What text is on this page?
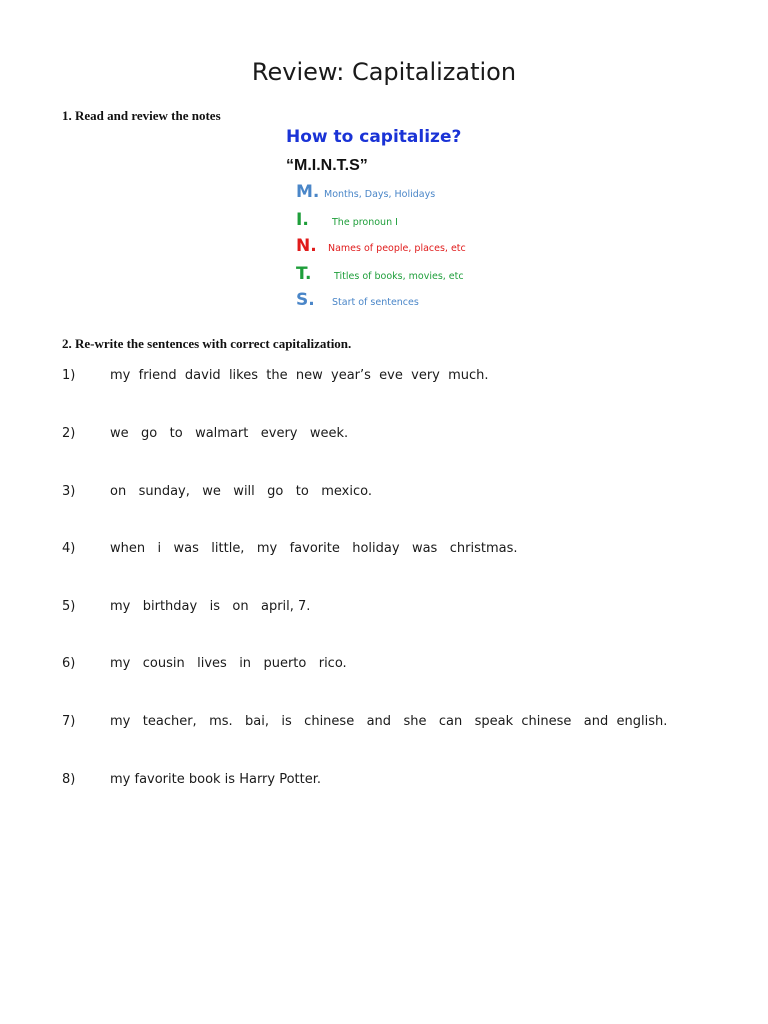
Review: Capitalization
1. Read and review the notes
How to capitalize?
“M.I.N.T.S”
M. Months, Days, Holidays
I. The pronoun I
N. Names of people, places, etc
T. Titles of books, movies, etc
S. Start of sentences
2. Re-write the sentences with correct capitalization.
1)	my  friend  david  likes  the  new  year’s  eve  very  much.
2)	we   go   to   walmart   every   week.
3)	on   sunday,   we   will   go   to   mexico.
4)	when   i   was   little,   my   favorite   holiday   was   christmas.
5)	my   birthday   is   on   april, 7.
6)	my   cousin   lives   in   puerto   rico.
7)	my   teacher,   ms.   bai,   is   chinese   and   she   can   speak  chinese   and  english.
8)	my favorite book is Harry Potter.
